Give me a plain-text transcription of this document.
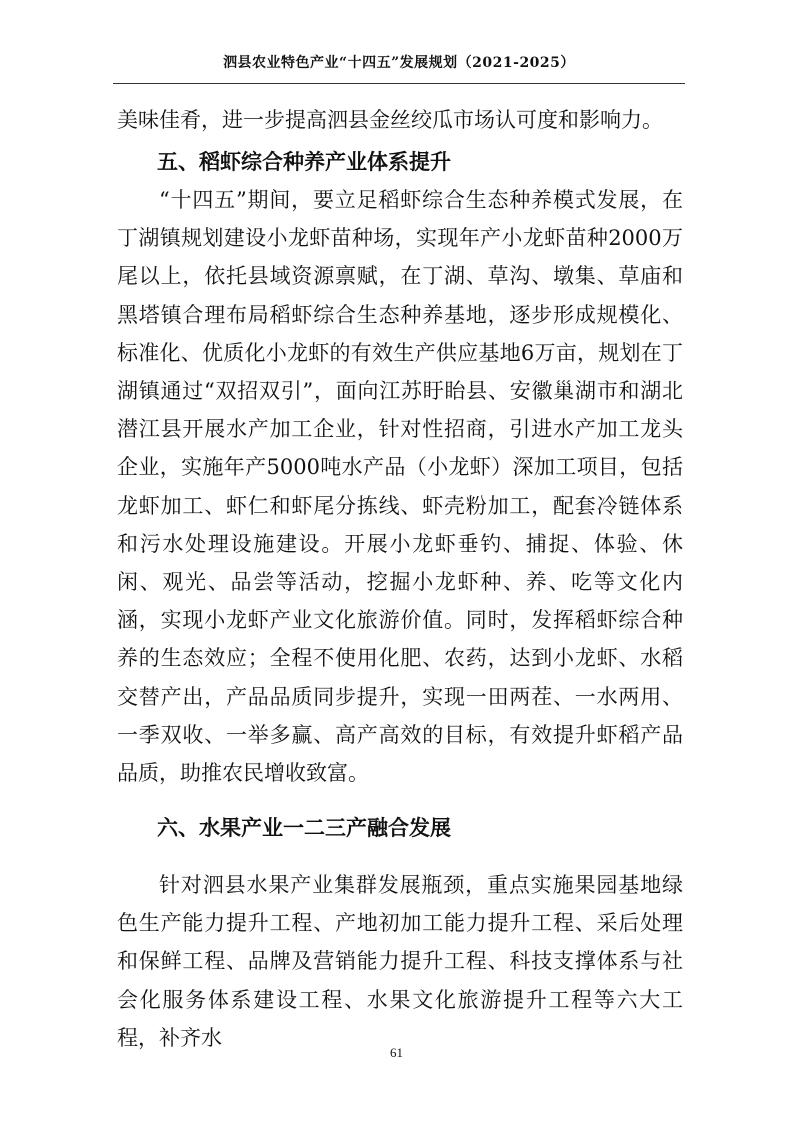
泗县农业特色产业“十四五”发展规划（2021-2025）

美味佳肴，进一步提高泗县金丝绞瓜市场认可度和影响力。

五、稻虾综合种养产业体系提升

“十四五”期间，要立足稻虾综合生态种养模式发展，在丁湖镇规划建设小龙虾苗种场，实现年产小龙虾苗种2000万尾以上，依托县域资源禀赋，在丁湖、草沟、墩集、草庙和黑塔镇合理布局稻虾综合生态种养基地，逐步形成规模化、标准化、优质化小龙虾的有效生产供应基地6万亩，规划在丁湖镇通过“双招双引”，面向江苏盱眙县、安徽巢湖市和湖北潜江县开展水产加工企业，针对性招商，引进水产加工龙头企业，实施年产5000吨水产品（小龙虾）深加工项目，包括龙虾加工、虾仁和虾尾分拣线、虾壳粉加工，配套冷链体系和污水处理设施建设。开展小龙虾垂钓、捕捉、体验、休闲、观光、品尝等活动，挖掘小龙虾种、养、吃等文化内涵，实现小龙虾产业文化旅游价值。同时，发挥稻虾综合种养的生态效应；全程不使用化肥、农药，达到小龙虾、水稻交替产出，产品品质同步提升，实现一田两茬、一水两用、一季双收、一举多赢、高产高效的目标，有效提升虾稻产品品质，助推农民增收致富。

六、水果产业一二三产融合发展

针对泗县水果产业集群发展瓶颈，重点实施果园基地绿色生产能力提升工程、产地初加工能力提升工程、采后处理和保鲜工程、品牌及营销能力提升工程、科技支撑体系与社会化服务体系建设工程、水果文化旅游提升工程等六大工程，补齐水

61
